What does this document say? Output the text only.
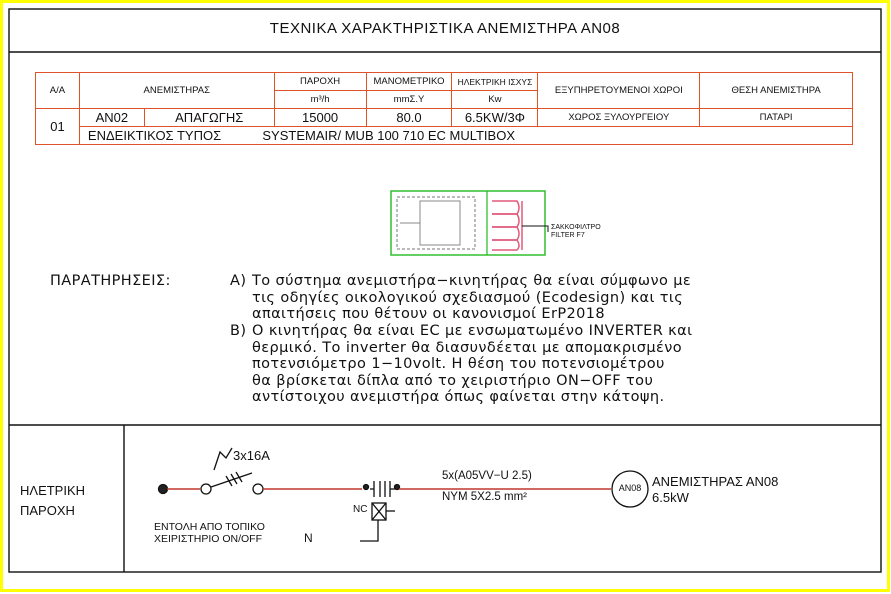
ΤΕΧΝΙΚΑ ΧΑΡΑΚΤΗΡΙΣΤΙΚΑ ΑΝΕΜΙΣΤΗΡΑ ΑΝ08
Α/Α	ΑΝΕΜΙΣΤΗΡΑΣ		ΠΑΡΟΧΗ	ΜΑΝΟΜΕΤΡΙΚΟ	ΗΛΕΚΤΡΙΚΗ ΙΣΧΥΣ	ΕΞΥΠΗΡΕΤΟΥΜΕΝΟΙ ΧΩΡΟΙ	ΘΕΣΗ ΑΝΕΜΙΣΤΗΡΑ
			m³/h	mmΣ.Υ	Kw		
01	AN02	ΑΠΑΓΩΓΗΣ	15000	80.0	6.5KW/3Φ	ΧΩΡΟΣ ΞΥΛΟΥΡΓΕΙΟΥ	ΠΑΤΑΡΙ
	ΕΝΔΕΙΚΤΙΚΟΣ ΤΥΠΟΣ SYSTEMAIR/ MUB 100 710 EC MULTIBOX						
ΣΑΚΚΟΦΙΛΤΡΟ
FILTER F7
ΠΑΡΑΤΗΡΗΣΕΙΣ:	Α) Το σύστημα ανεμιστήρα−κινητήρας θα είναι σύμφωνο με
τις οδηγίες οικολογικού σχεδιασμού (Ecodesign) και τις
απαιτήσεις που θέτουν οι κανονισμοί ErP2018
Β) Ο κινητήρας θα είναι EC με ενσωματωμένο INVERTER και
θερμικό. Το inverter θα διασυνδέεται με απομακρισμένο
ποτενσιόμετρο 1−10volt. Η θέση του ποτενσιομέτρου
θα βρίσκεται δίπλα από το χειριστήριο ON−OFF του
αντίστοιχου ανεμιστήρα όπως φαίνεται στην κάτοψη.
ΗΛΕΤΡΙΚΗ
ΠΑΡΟΧΗ
3x16A
5x(A05VV−U 2.5)
ΝΥΜ 5Χ2.5 mm²
NC
ΕΝΤΟΛΗ ΑΠΟ ΤΟΠΙΚΟ
ΧΕΙΡΙΣΤΗΡΙΟ ON/OFF	N
AN08 ΑΝΕΜΙΣΤΗΡΑΣ ΑΝ08
6.5kW
